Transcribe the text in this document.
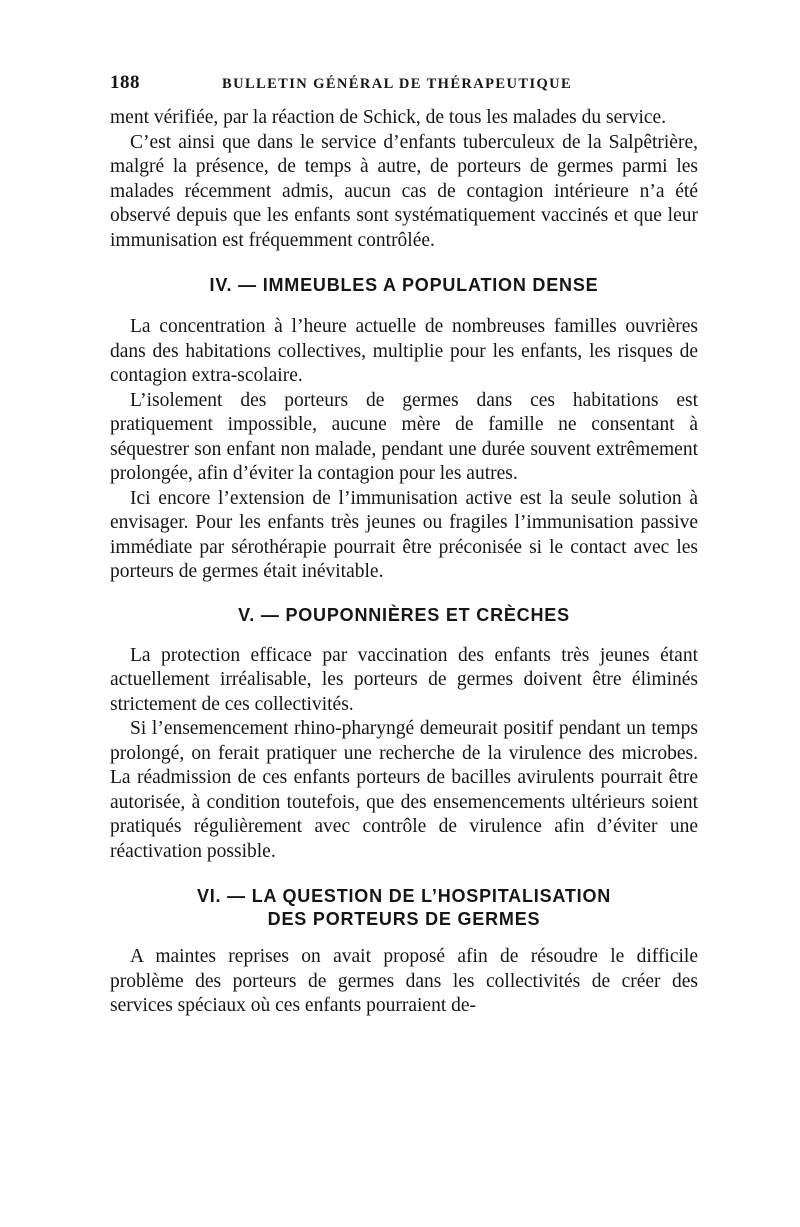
188	BULLETIN GÉNÉRAL DE THÉRAPEUTIQUE

ment vérifiée, par la réaction de Schick, de tous les malades du service.

C’est ainsi que dans le service d’enfants tuberculeux de la Salpêtrière, malgré la présence, de temps à autre, de porteurs de germes parmi les malades récemment admis, aucun cas de contagion intérieure n’a été observé depuis que les enfants sont systématiquement vaccinés et que leur immunisation est fréquemment contrôlée.

IV. — IMMEUBLES A POPULATION DENSE

La concentration à l’heure actuelle de nombreuses familles ouvrières dans des habitations collectives, multiplie pour les enfants, les risques de contagion extra-scolaire.

L’isolement des porteurs de germes dans ces habitations est pratiquement impossible, aucune mère de famille ne consentant à séquestrer son enfant non malade, pendant une durée souvent extrêmement prolongée, afin d’éviter la contagion pour les autres.

Ici encore l’extension de l’immunisation active est la seule solution à envisager. Pour les enfants très jeunes ou fragiles l’immunisation passive immédiate par sérothérapie pourrait être préconisée si le contact avec les porteurs de germes était inévitable.

V. — POUPONNIÈRES ET CRÈCHES

La protection efficace par vaccination des enfants très jeunes étant actuellement irréalisable, les porteurs de germes doivent être éliminés strictement de ces collectivités.

Si l’ensemencement rhino-pharyngé demeurait positif pendant un temps prolongé, on ferait pratiquer une recherche de la virulence des microbes. La réadmission de ces enfants porteurs de bacilles avirulents pourrait être autorisée, à condition toutefois, que des ensemencements ultérieurs soient pratiqués régulièrement avec contrôle de virulence afin d’éviter une réactivation possible.

VI. — LA QUESTION DE L’HOSPITALISATION
DES PORTEURS DE GERMES

A maintes reprises on avait proposé afin de résoudre le difficile problème des porteurs de germes dans les collectivités de créer des services spéciaux où ces enfants pourraient de-
